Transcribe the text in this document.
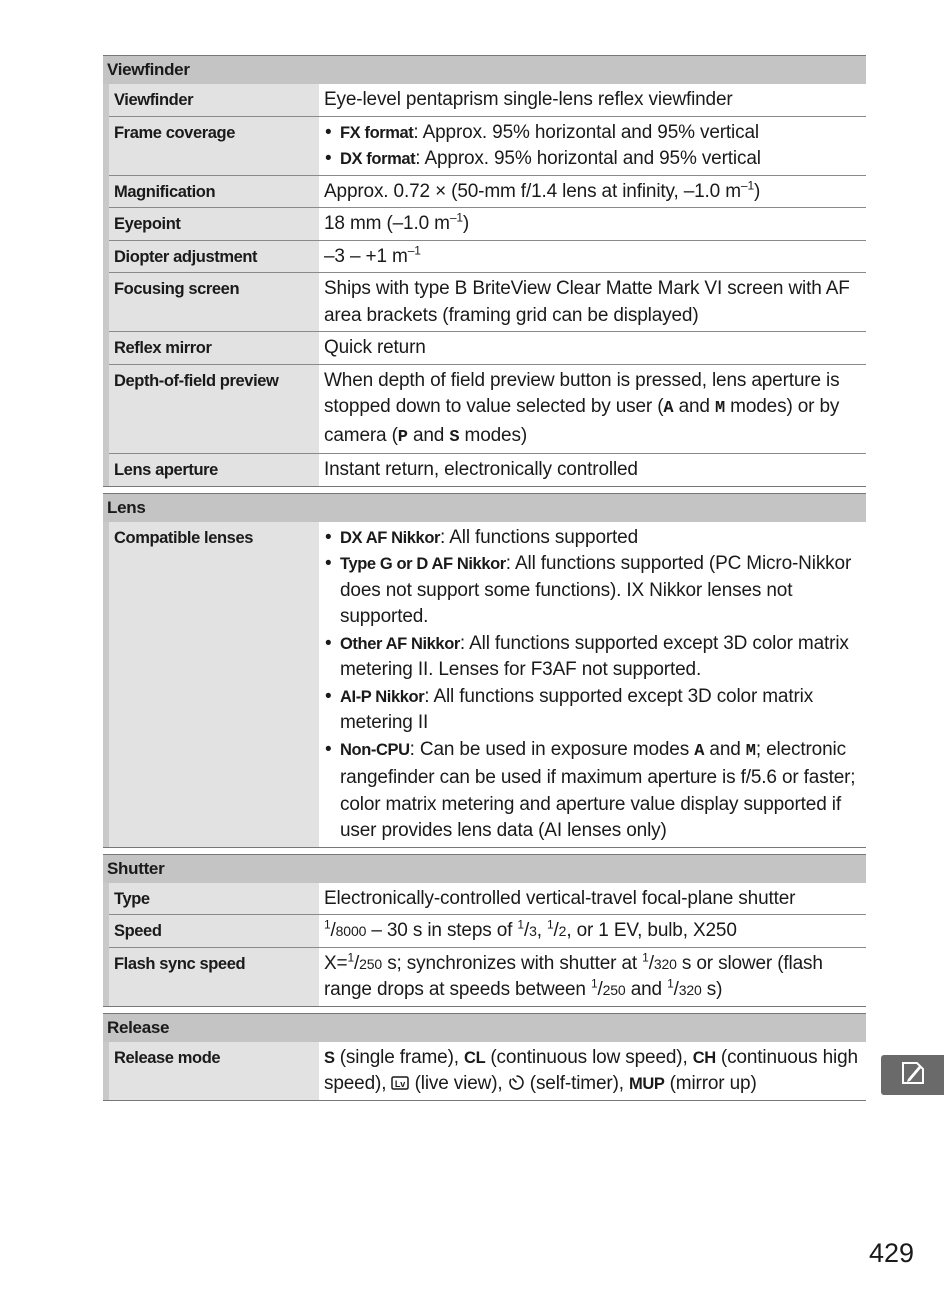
Viewfinder
Viewfinder	Eye-level pentaprism single-lens reflex viewfinder
Frame coverage	• FX format: Approx. 95% horizontal and 95% vertical
• DX format: Approx. 95% horizontal and 95% vertical
Magnification	Approx. 0.72 × (50-mm f/1.4 lens at infinity, –1.0 $m^{-1}$)
Eyepoint	18 mm (–1.0 $m^{-1}$)
Diopter adjustment	–3 – +1 $m^{-1}$
Focusing screen	Ships with type B BriteView Clear Matte Mark VI screen with AF area brackets (framing grid can be displayed)
Reflex mirror	Quick return
Depth-of-field preview	When depth of field preview button is pressed, lens aperture is stopped down to value selected by user (A and M modes) or by camera (P and S modes)
Lens aperture	Instant return, electronically controlled
Lens
Compatible lenses	• DX AF Nikkor: All functions supported
• Type G or D AF Nikkor: All functions supported (PC Micro-Nikkor does not support some functions). IX Nikkor lenses not supported.
• Other AF Nikkor: All functions supported except 3D color matrix metering II. Lenses for F3AF not supported.
• AI-P Nikkor: All functions supported except 3D color matrix metering II
• Non-CPU: Can be used in exposure modes A and M; electronic rangefinder can be used if maximum aperture is f/5.6 or faster; color matrix metering and aperture value display supported if user provides lens data (AI lenses only)
Shutter
Type	Electronically-controlled vertical-travel focal-plane shutter
Speed	$^1$/8000 – 30 s in steps of $^1$/3, $^1$/2, or 1 EV, bulb, X250
Flash sync speed	X=$^1$/250 s; synchronizes with shutter at $^1$/320 s or slower (flash range drops at speeds between $^1$/250 and $^1$/320 s)
Release
Release mode	S (single frame), CL (continuous low speed), CH (continuous high speed), Lv (live view),  (self-timer), MUP (mirror up)
429
